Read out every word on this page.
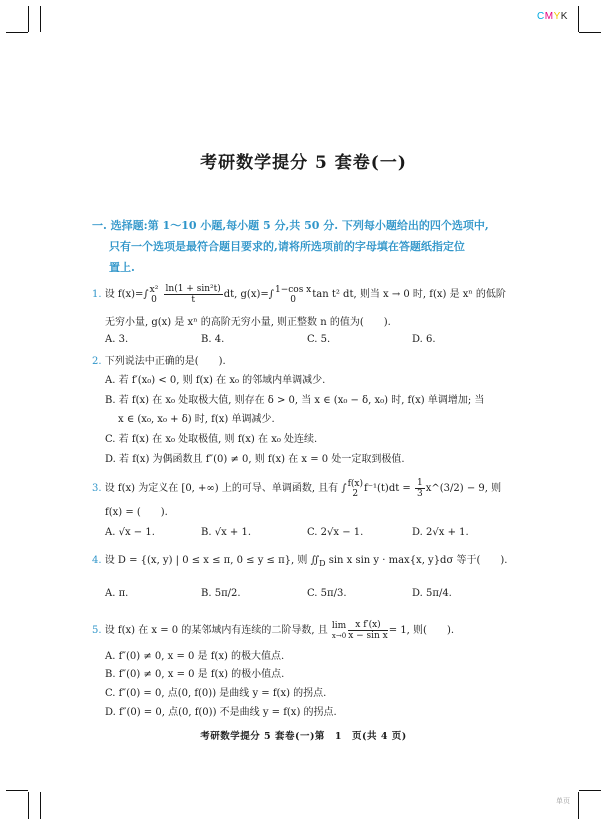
CMYK
考研数学提分 5 套卷(一)
一. 选择题:第 1～10 小题,每小题 5 分,共 50 分. 下列每小题给出的四个选项中,
只有一个选项是最符合题目要求的,请将所选项前的字母填在答题纸指定位
置上.
1. 设 f(x)=∫ x²
0
$\frac{\text{ln(1 + sin²t)}}{t}$ dt, g(x)=∫ 1−cos x
0	tan t² dt, 则当 x → 0 时, f(x) 是 xⁿ 的低阶
无穷小量, g(x) 是 xⁿ 的高阶无穷小量, 则正整数 n 的值为(　　).
A. 3.	B. 4.	C. 5.	D. 6.
2. 下列说法中正确的是(　　).
A. 若 f′(x₀) < 0, 则 f(x) 在 x₀ 的邻域内单调减少.
B. 若 f(x) 在 x₀ 处取极大值, 则存在 δ > 0, 当 x ∈ (x₀ − δ, x₀) 时, f(x) 单调增加; 当
x ∈ (x₀, x₀ + δ) 时, f(x) 单调减少.
C. 若 f(x) 在 x₀ 处取极值, 则 f(x) 在 x₀ 处连续.
D. 若 f(x) 为偶函数且 f″(0) ≠ 0, 则 f(x) 在 x = 0 处一定取到极值.
3. 设 f(x) 为定义在 [0, +∞) 上的可导、单调函数, 且有 ∫ f(x)
2 $f^{-1}(t)dt = \frac{1}{3}$ x^(3/2) − 9, 则
f(x) = (　　).
A. √x − 1.	B. √x + 1.	C. 2√x − 1.	D. 2√x + 1.
4. 设 D = {(x, y) | 0 ≤ x ≤ π, 0 ≤ y ≤ π}, 则 $∬_D$ sin x sin y · max{x, y}dσ 等于(　　).
A. π.	B. 5π/2.	C. 5π/3.	D. 5π/4.
5. 设 f(x) 在 x = 0 的某邻域内有连续的二阶导数, 且 lim
$x\to 0 \frac{\text{x f′(x)}}{\text{x − sin x}} = 1$, 则(　　).
A. f″(0) ≠ 0, x = 0 是 f(x) 的极大值点.
B. f″(0) ≠ 0, x = 0 是 f(x) 的极小值点.
C. f″(0) = 0, 点(0, f(0)) 是曲线 y = f(x) 的拐点.
D. f″(0) = 0, 点(0, f(0)) 不是曲线 y = f(x) 的拐点.
考研数学提分 5 套卷(一)第　1　页(共 4 页)
单页
